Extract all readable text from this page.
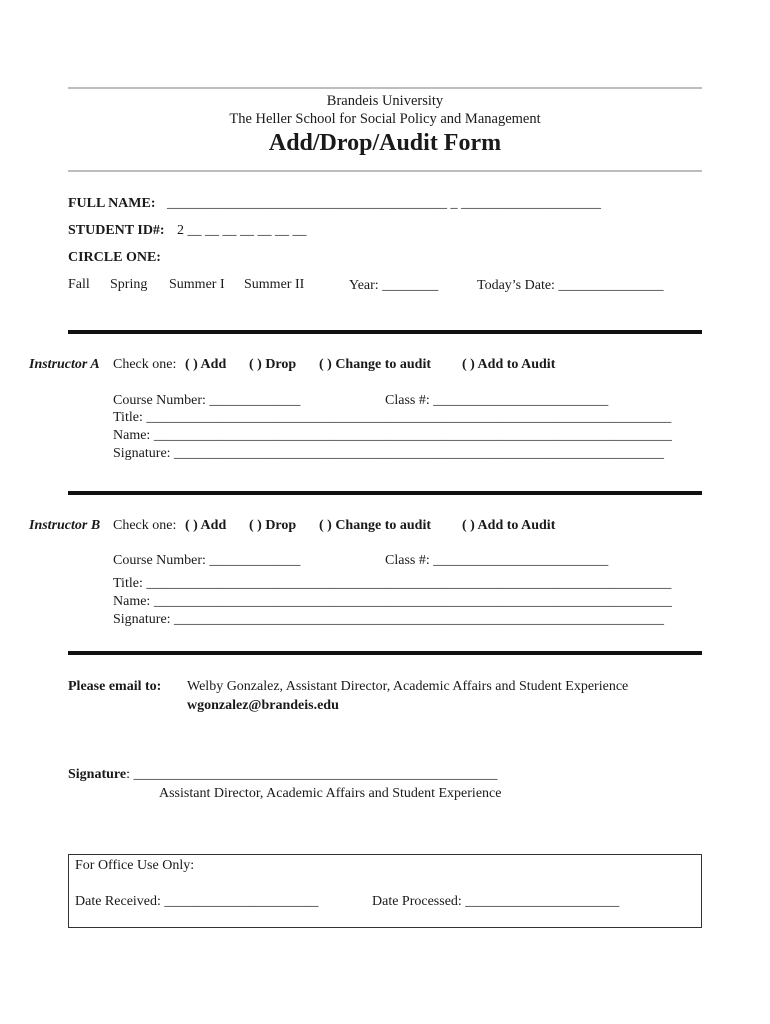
Brandeis University
The Heller School for Social Policy and Management
Add/Drop/Audit Form
FULL NAME: ________________________________________ _ ____________________
STUDENT ID#: 2 __ __ __ __ __ __ __
CIRCLE ONE:
Fall Spring Summer I Summer II	Year: ________	Today’s Date: _______________
Instructor A Check one: ( ) Add ( ) Drop ( ) Change to audit ( ) Add to Audit
Course Number: _____________	Class #: _________________________
Title: ___________________________________________________________________________
Name: __________________________________________________________________________
Signature: ______________________________________________________________________
Instructor B Check one: ( ) Add ( ) Drop ( ) Change to audit ( ) Add to Audit
Course Number: _____________	Class #: _________________________
Title: ___________________________________________________________________________
Name: __________________________________________________________________________
Signature: ______________________________________________________________________
Please email to: Welby Gonzalez, Assistant Director, Academic Affairs and Student Experience
wgonzalez@brandeis.edu
Signature: ____________________________________________________
Assistant Director, Academic Affairs and Student Experience
For Office Use Only:
Date Received: ______________________	Date Processed: ______________________
